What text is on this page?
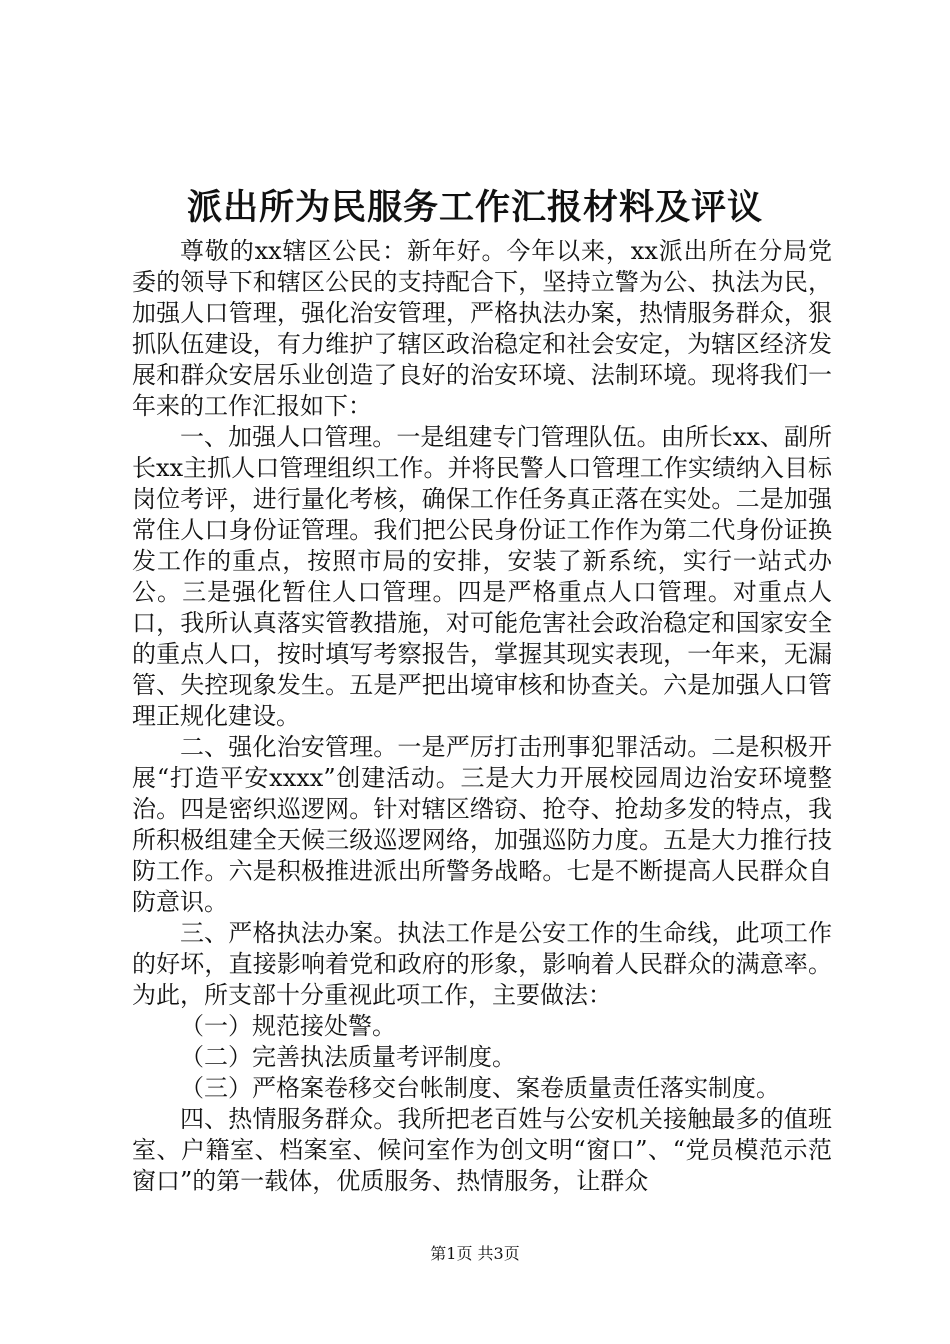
派出所为民服务工作汇报材料及评议

尊敬的xx辖区公民：新年好。今年以来，xx派出所在分局党委的领导下和辖区公民的支持配合下，坚持立警为公、执法为民，加强人口管理，强化治安管理，严格执法办案，热情服务群众，狠抓队伍建设，有力维护了辖区政治稳定和社会安定，为辖区经济发展和群众安居乐业创造了良好的治安环境、法制环境。现将我们一年来的工作汇报如下：

一、加强人口管理。一是组建专门管理队伍。由所长xx、副所长xx主抓人口管理组织工作。并将民警人口管理工作实绩纳入目标岗位考评，进行量化考核，确保工作任务真正落在实处。二是加强常住人口身份证管理。我们把公民身份证工作作为第二代身份证换发工作的重点，按照市局的安排，安装了新系统，实行一站式办公。三是强化暂住人口管理。四是严格重点人口管理。对重点人口，我所认真落实管教措施，对可能危害社会政治稳定和国家安全的重点人口，按时填写考察报告，掌握其现实表现，一年来，无漏管、失控现象发生。五是严把出境审核和协查关。六是加强人口管理正规化建设。

二、强化治安管理。一是严厉打击刑事犯罪活动。二是积极开展“打造平安xxxx”创建活动。三是大力开展校园周边治安环境整治。四是密织巡逻网。针对辖区绺窃、抢夺、抢劫多发的特点，我所积极组建全天候三级巡逻网络，加强巡防力度。五是大力推行技防工作。六是积极推进派出所警务战略。七是不断提高人民群众自防意识。

三、严格执法办案。执法工作是公安工作的生命线，此项工作的好坏，直接影响着党和政府的形象，影响着人民群众的满意率。为此，所支部十分重视此项工作，主要做法：

（一）规范接处警。

（二）完善执法质量考评制度。

（三）严格案卷移交台帐制度、案卷质量责任落实制度。

四、热情服务群众。我所把老百姓与公安机关接触最多的值班室、户籍室、档案室、候问室作为创文明“窗口”、“党员模范示范窗口”的第一载体，优质服务、热情服务，让群众

第1页 共3页
